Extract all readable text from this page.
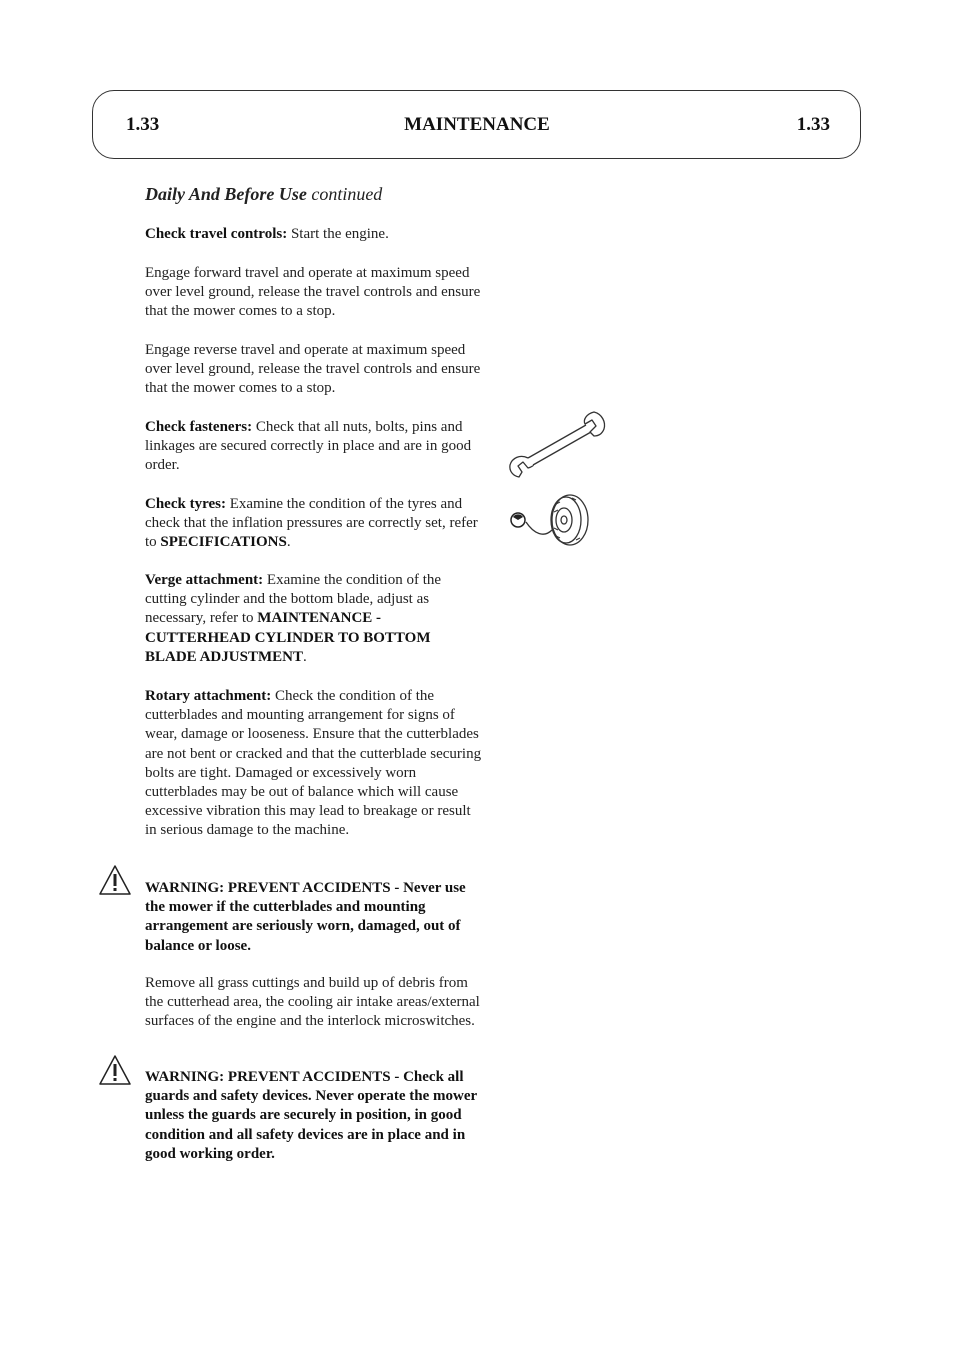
1.33	MAINTENANCE	1.33
Daily And Before Use continued

Check travel controls: Start the engine.

Engage forward travel and operate at maximum speed over level ground, release the travel controls and ensure that the mower comes to a stop.

Engage reverse travel and operate at maximum speed over level ground, release the travel controls and ensure that the mower comes to a stop.

Check fasteners: Check that all nuts, bolts, pins and linkages are secured correctly in place and are in good order.

Check tyres: Examine the condition of the tyres and check that the inflation pressures are correctly set, refer to SPECIFICATIONS.

Verge attachment: Examine the condition of the cutting cylinder and the bottom blade, adjust as necessary, refer to MAINTENANCE - CUTTERHEAD CYLINDER TO BOTTOM BLADE ADJUSTMENT.

Rotary attachment: Check the condition of the cutterblades and mounting arrangement for signs of wear, damage or looseness. Ensure that the cutterblades are not bent or cracked and that the cutterblade securing bolts are tight. Damaged or excessively worn cutterblades may be out of balance which will cause excessive vibration this may lead to breakage or result in serious damage to the machine.

WARNING: PREVENT ACCIDENTS - Never use the mower if the cutterblades and mounting arrangement are seriously worn, damaged, out of balance or loose.

Remove all grass cuttings and build up of debris from the cutterhead area, the cooling air intake areas/external surfaces of the engine and the interlock microswitches.

WARNING: PREVENT ACCIDENTS - Check all guards and safety devices. Never operate the mower unless the guards are securely in position, in good condition and all safety devices are in place and in good working order.
